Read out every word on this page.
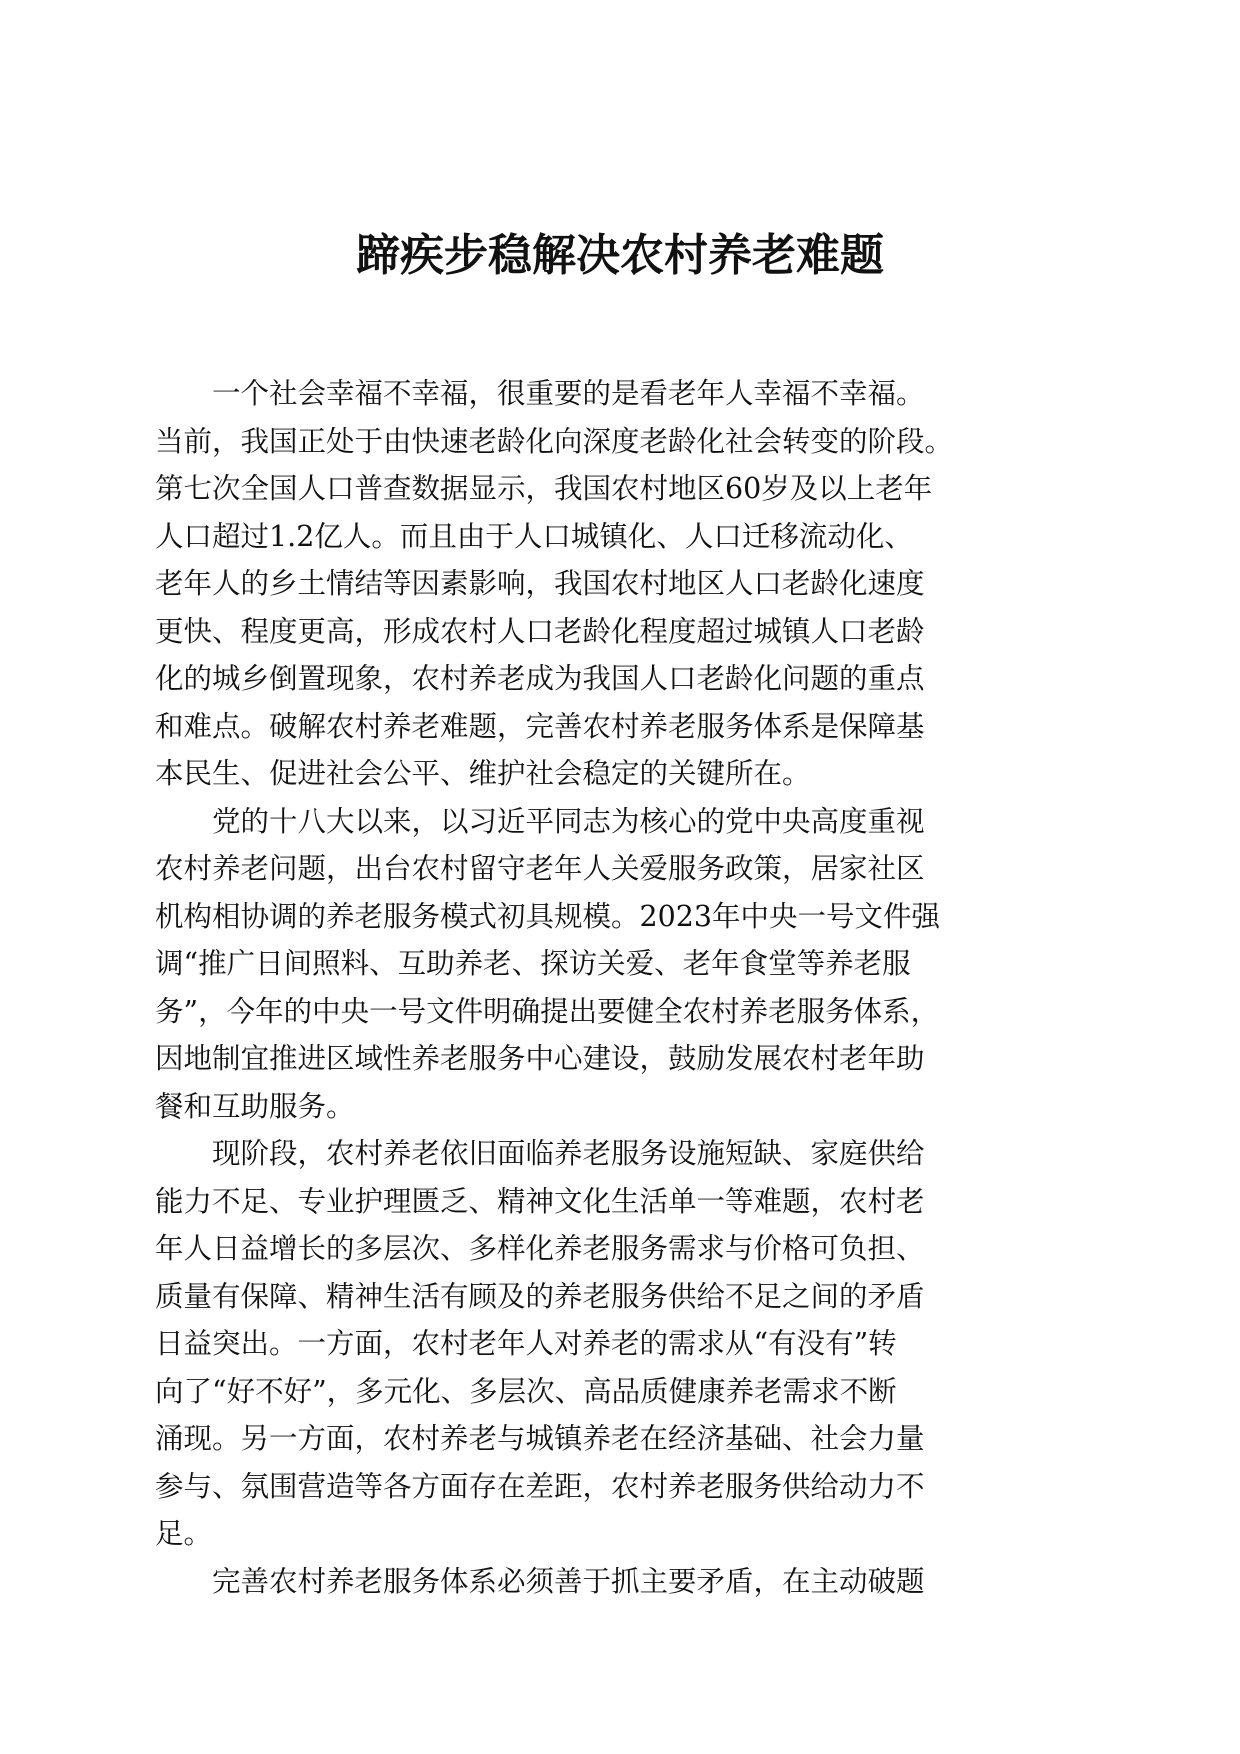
蹄疾步稳解决农村养老难题

一个社会幸福不幸福，很重要的是看老年人幸福不幸福。
当前，我国正处于由快速老龄化向深度老龄化社会转变的阶段。
第七次全国人口普查数据显示，我国农村地区60岁及以上老年
人口超过1.2亿人。而且由于人口城镇化、人口迁移流动化、
老年人的乡土情结等因素影响，我国农村地区人口老龄化速度
更快、程度更高，形成农村人口老龄化程度超过城镇人口老龄
化的城乡倒置现象，农村养老成为我国人口老龄化问题的重点
和难点。破解农村养老难题，完善农村养老服务体系是保障基
本民生、促进社会公平、维护社会稳定的关键所在。

党的十八大以来，以习近平同志为核心的党中央高度重视
农村养老问题，出台农村留守老年人关爱服务政策，居家社区
机构相协调的养老服务模式初具规模。2023年中央一号文件强
调“推广日间照料、互助养老、探访关爱、老年食堂等养老服
务”，今年的中央一号文件明确提出要健全农村养老服务体系，
因地制宜推进区域性养老服务中心建设，鼓励发展农村老年助
餐和互助服务。

现阶段，农村养老依旧面临养老服务设施短缺、家庭供给
能力不足、专业护理匮乏、精神文化生活单一等难题，农村老
年人日益增长的多层次、多样化养老服务需求与价格可负担、
质量有保障、精神生活有顾及的养老服务供给不足之间的矛盾
日益突出。一方面，农村老年人对养老的需求从“有没有”转
向了“好不好”，多元化、多层次、高品质健康养老需求不断
涌现。另一方面，农村养老与城镇养老在经济基础、社会力量
参与、氛围营造等各方面存在差距，农村养老服务供给动力不
足。

完善农村养老服务体系必须善于抓主要矛盾，在主动破题
